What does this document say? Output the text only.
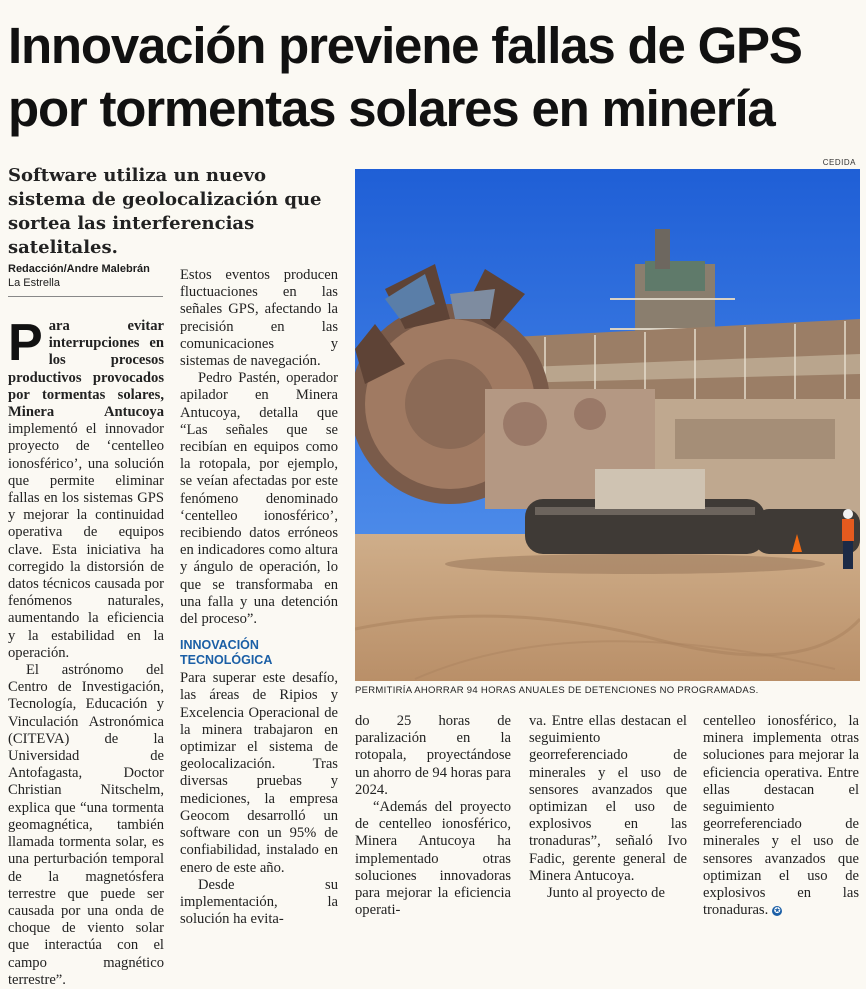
Innovación previene fallas de GPS por tormentas solares en minería

Software utiliza un nuevo sistema de geolocalización que sortea las interferencias satelitales.

Redacción/Andre Malebrán
La Estrella
CEDIDA
PERMITIRÍA AHORRAR 94 HORAS ANUALES DE DETENCIONES NO PROGRAMADAS.

Para evitar interrupciones en los procesos productivos provocados por tormentas solares, Minera Antucoya implementó el innovador proyecto de ‘centelleo ionosférico’, una solución que permite eliminar fallas en los sistemas GPS y mejorar la continuidad operativa de equipos clave. Esta iniciativa ha corregido la distorsión de datos técnicos causada por fenómenos naturales, aumentando la eficiencia y la estabilidad en la operación.

El astrónomo del Centro de Investigación, Tecnología, Educación y Vinculación Astronómica (CITEVA) de la Universidad de Antofagasta, Doctor Christian Nitschelm, explica que “una tormenta geomagnética, también llamada tormenta solar, es una perturbación temporal de la magnetósfera terrestre que puede ser causada por una onda de choque de viento solar que interactúa con el campo magnético terrestre”.

Estos eventos producen fluctuaciones en las señales GPS, afectando la precisión en las comunicaciones y sistemas de navegación.

Pedro Pastén, operador apilador en Minera Antucoya, detalla que “Las señales que se recibían en equipos como la rotopala, por ejemplo, se veían afectadas por este fenómeno denominado ‘centelleo ionosférico’, recibiendo datos erróneos en indicadores como altura y ángulo de operación, lo que se transformaba en una falla y una detención del proceso”.

INNOVACIÓN TECNOLÓGICA

Para superar este desafío, las áreas de Ripios y Excelencia Operacional de la minera trabajaron en optimizar el sistema de geolocalización. Tras diversas pruebas y mediciones, la empresa Geocom desarrolló un software con un 95% de confiabilidad, instalado en enero de este año.

Desde su implementación, la solución ha evita-

do 25 horas de paralización en la rotopala, proyectándose un ahorro de 94 horas para 2024.

“Además del proyecto de centelleo ionosférico, Minera Antucoya ha implementado otras soluciones innovadoras para mejorar la eficiencia operati-

va. Entre ellas destacan el seguimiento georreferenciado de minerales y el uso de sensores avanzados que optimizan el uso de explosivos en las tronaduras”, señaló Ivo Fadic, gerente general de Minera Antucoya.

Junto al proyecto de

centelleo ionosférico, la minera implementa otras soluciones para mejorar la eficiencia operativa. Entre ellas destacan el seguimiento georreferenciado de minerales y el uso de sensores avanzados que optimizan el uso de explosivos en las tronaduras. ✪
